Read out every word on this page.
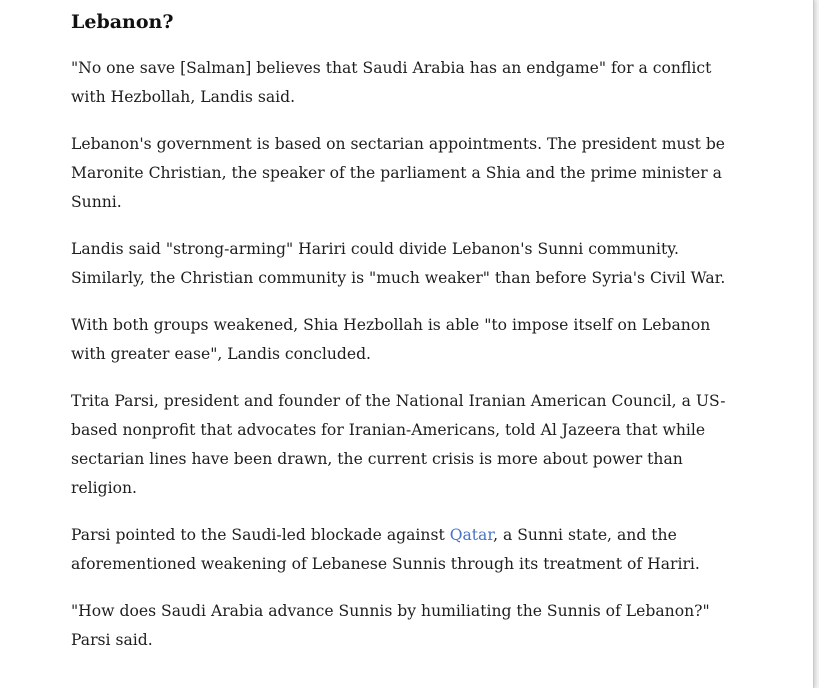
Lebanon?

"No one save [Salman] believes that Saudi Arabia has an endgame" for a conflict
with Hezbollah, Landis said.

Lebanon's government is based on sectarian appointments. The president must be
Maronite Christian, the speaker of the parliament a Shia and the prime minister a
Sunni.

Landis said "strong-arming" Hariri could divide Lebanon's Sunni community.
Similarly, the Christian community is "much weaker" than before Syria's Civil War.

With both groups weakened, Shia Hezbollah is able "to impose itself on Lebanon
with greater ease", Landis concluded.

Trita Parsi, president and founder of the National Iranian American Council, a US-
based nonprofit that advocates for Iranian-Americans, told Al Jazeera that while
sectarian lines have been drawn, the current crisis is more about power than
religion.

Parsi pointed to the Saudi-led blockade against Qatar, a Sunni state, and the
aforementioned weakening of Lebanese Sunnis through its treatment of Hariri.

"How does Saudi Arabia advance Sunnis by humiliating the Sunnis of Lebanon?"
Parsi said.
